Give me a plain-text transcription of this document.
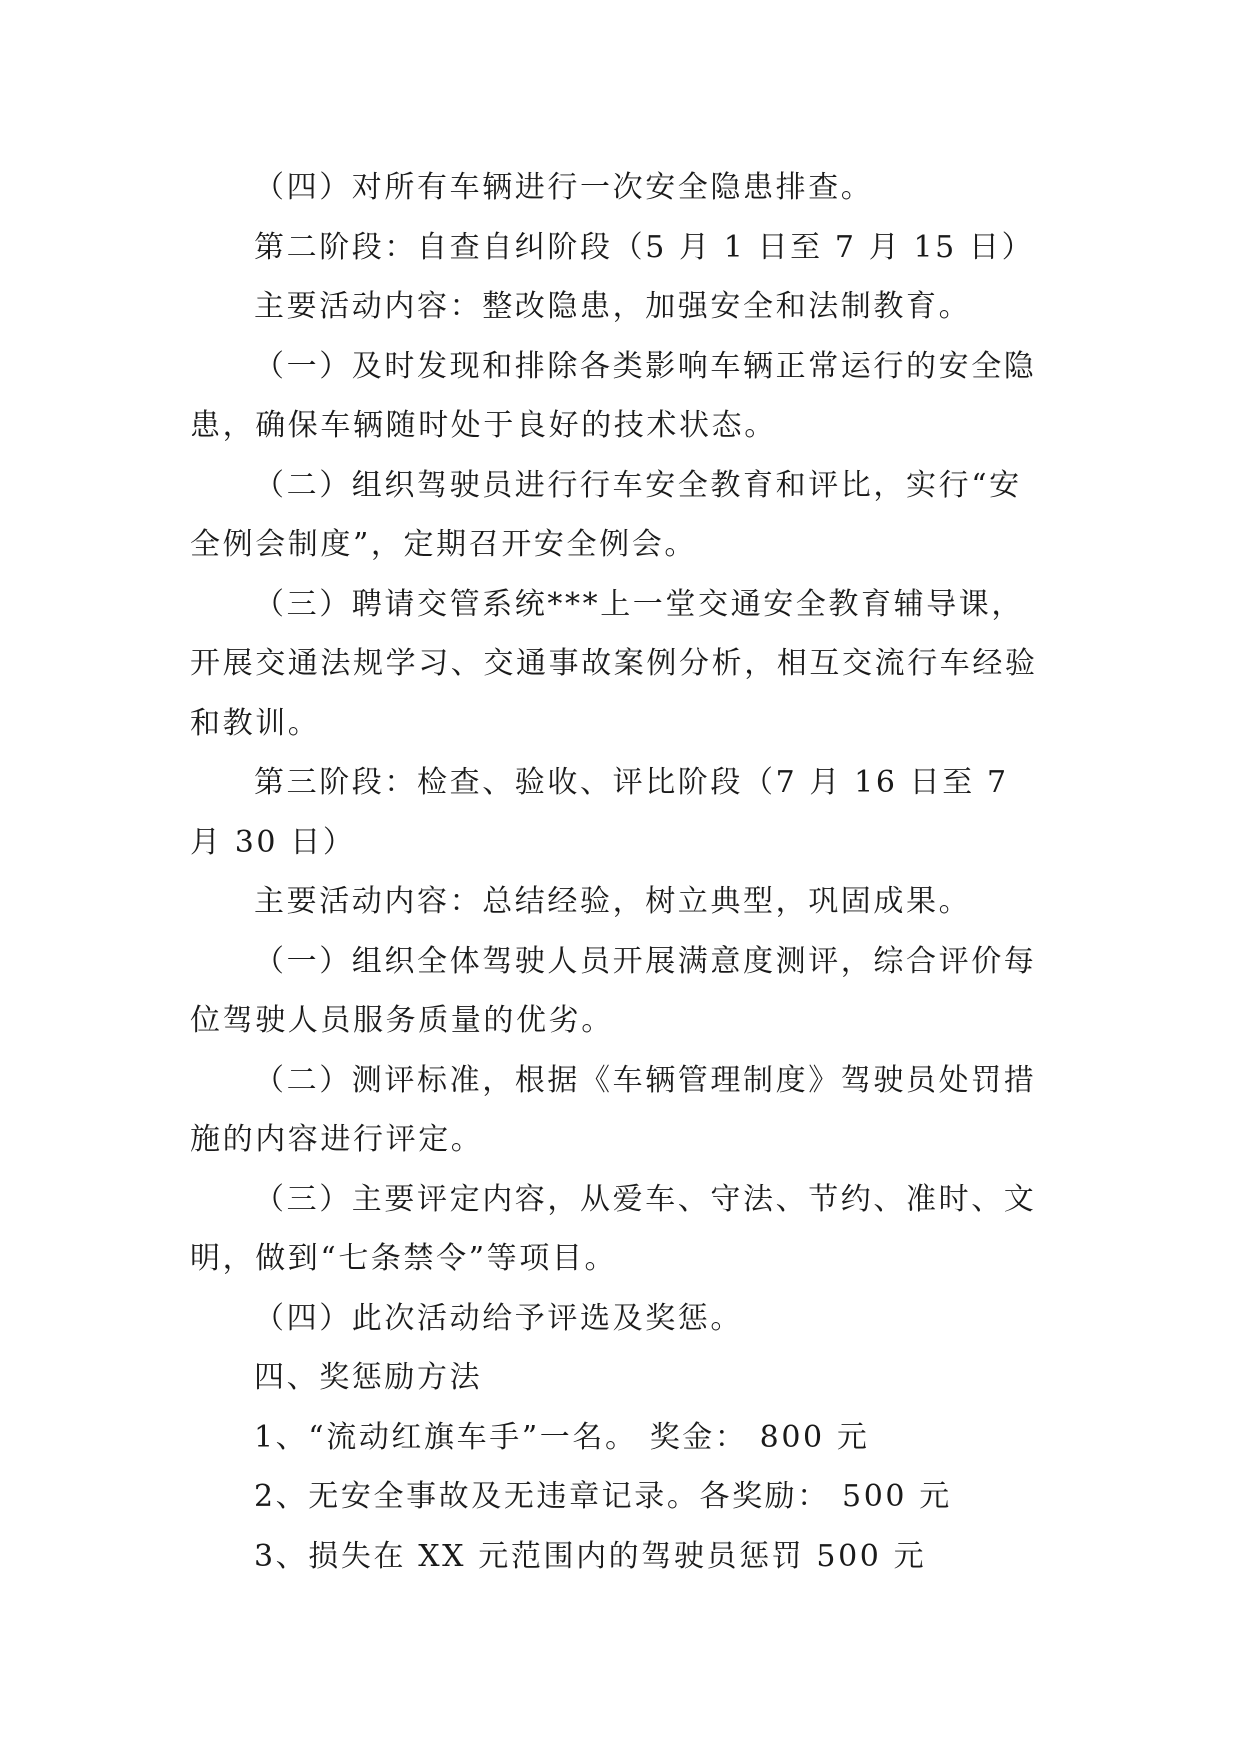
（四）对所有车辆进行一次安全隐患排查。

第二阶段：自查自纠阶段（5 月 1 日至 7 月 15 日）

主要活动内容：整改隐患，加强安全和法制教育。

（一）及时发现和排除各类影响车辆正常运行的安全隐患，确保车辆随时处于良好的技术状态。

（二）组织驾驶员进行行车安全教育和评比，实行“安全例会制度”，定期召开安全例会。

（三）聘请交管系统***上一堂交通安全教育辅导课，开展交通法规学习、交通事故案例分析，相互交流行车经验和教训。

第三阶段：检查、验收、评比阶段（7 月 16 日至 7 月 30 日）

主要活动内容：总结经验，树立典型，巩固成果。

（一）组织全体驾驶人员开展满意度测评，综合评价每位驾驶人员服务质量的优劣。

（二）测评标准，根据《车辆管理制度》驾驶员处罚措施的内容进行评定。

（三）主要评定内容，从爱车、守法、节约、准时、文明，做到“七条禁令”等项目。

（四）此次活动给予评选及奖惩。

四、奖惩励方法

1、“流动红旗车手”一名。 奖金： 800 元

2、无安全事故及无违章记录。各奖励： 500 元

3、损失在 XX 元范围内的驾驶员惩罚 500 元
